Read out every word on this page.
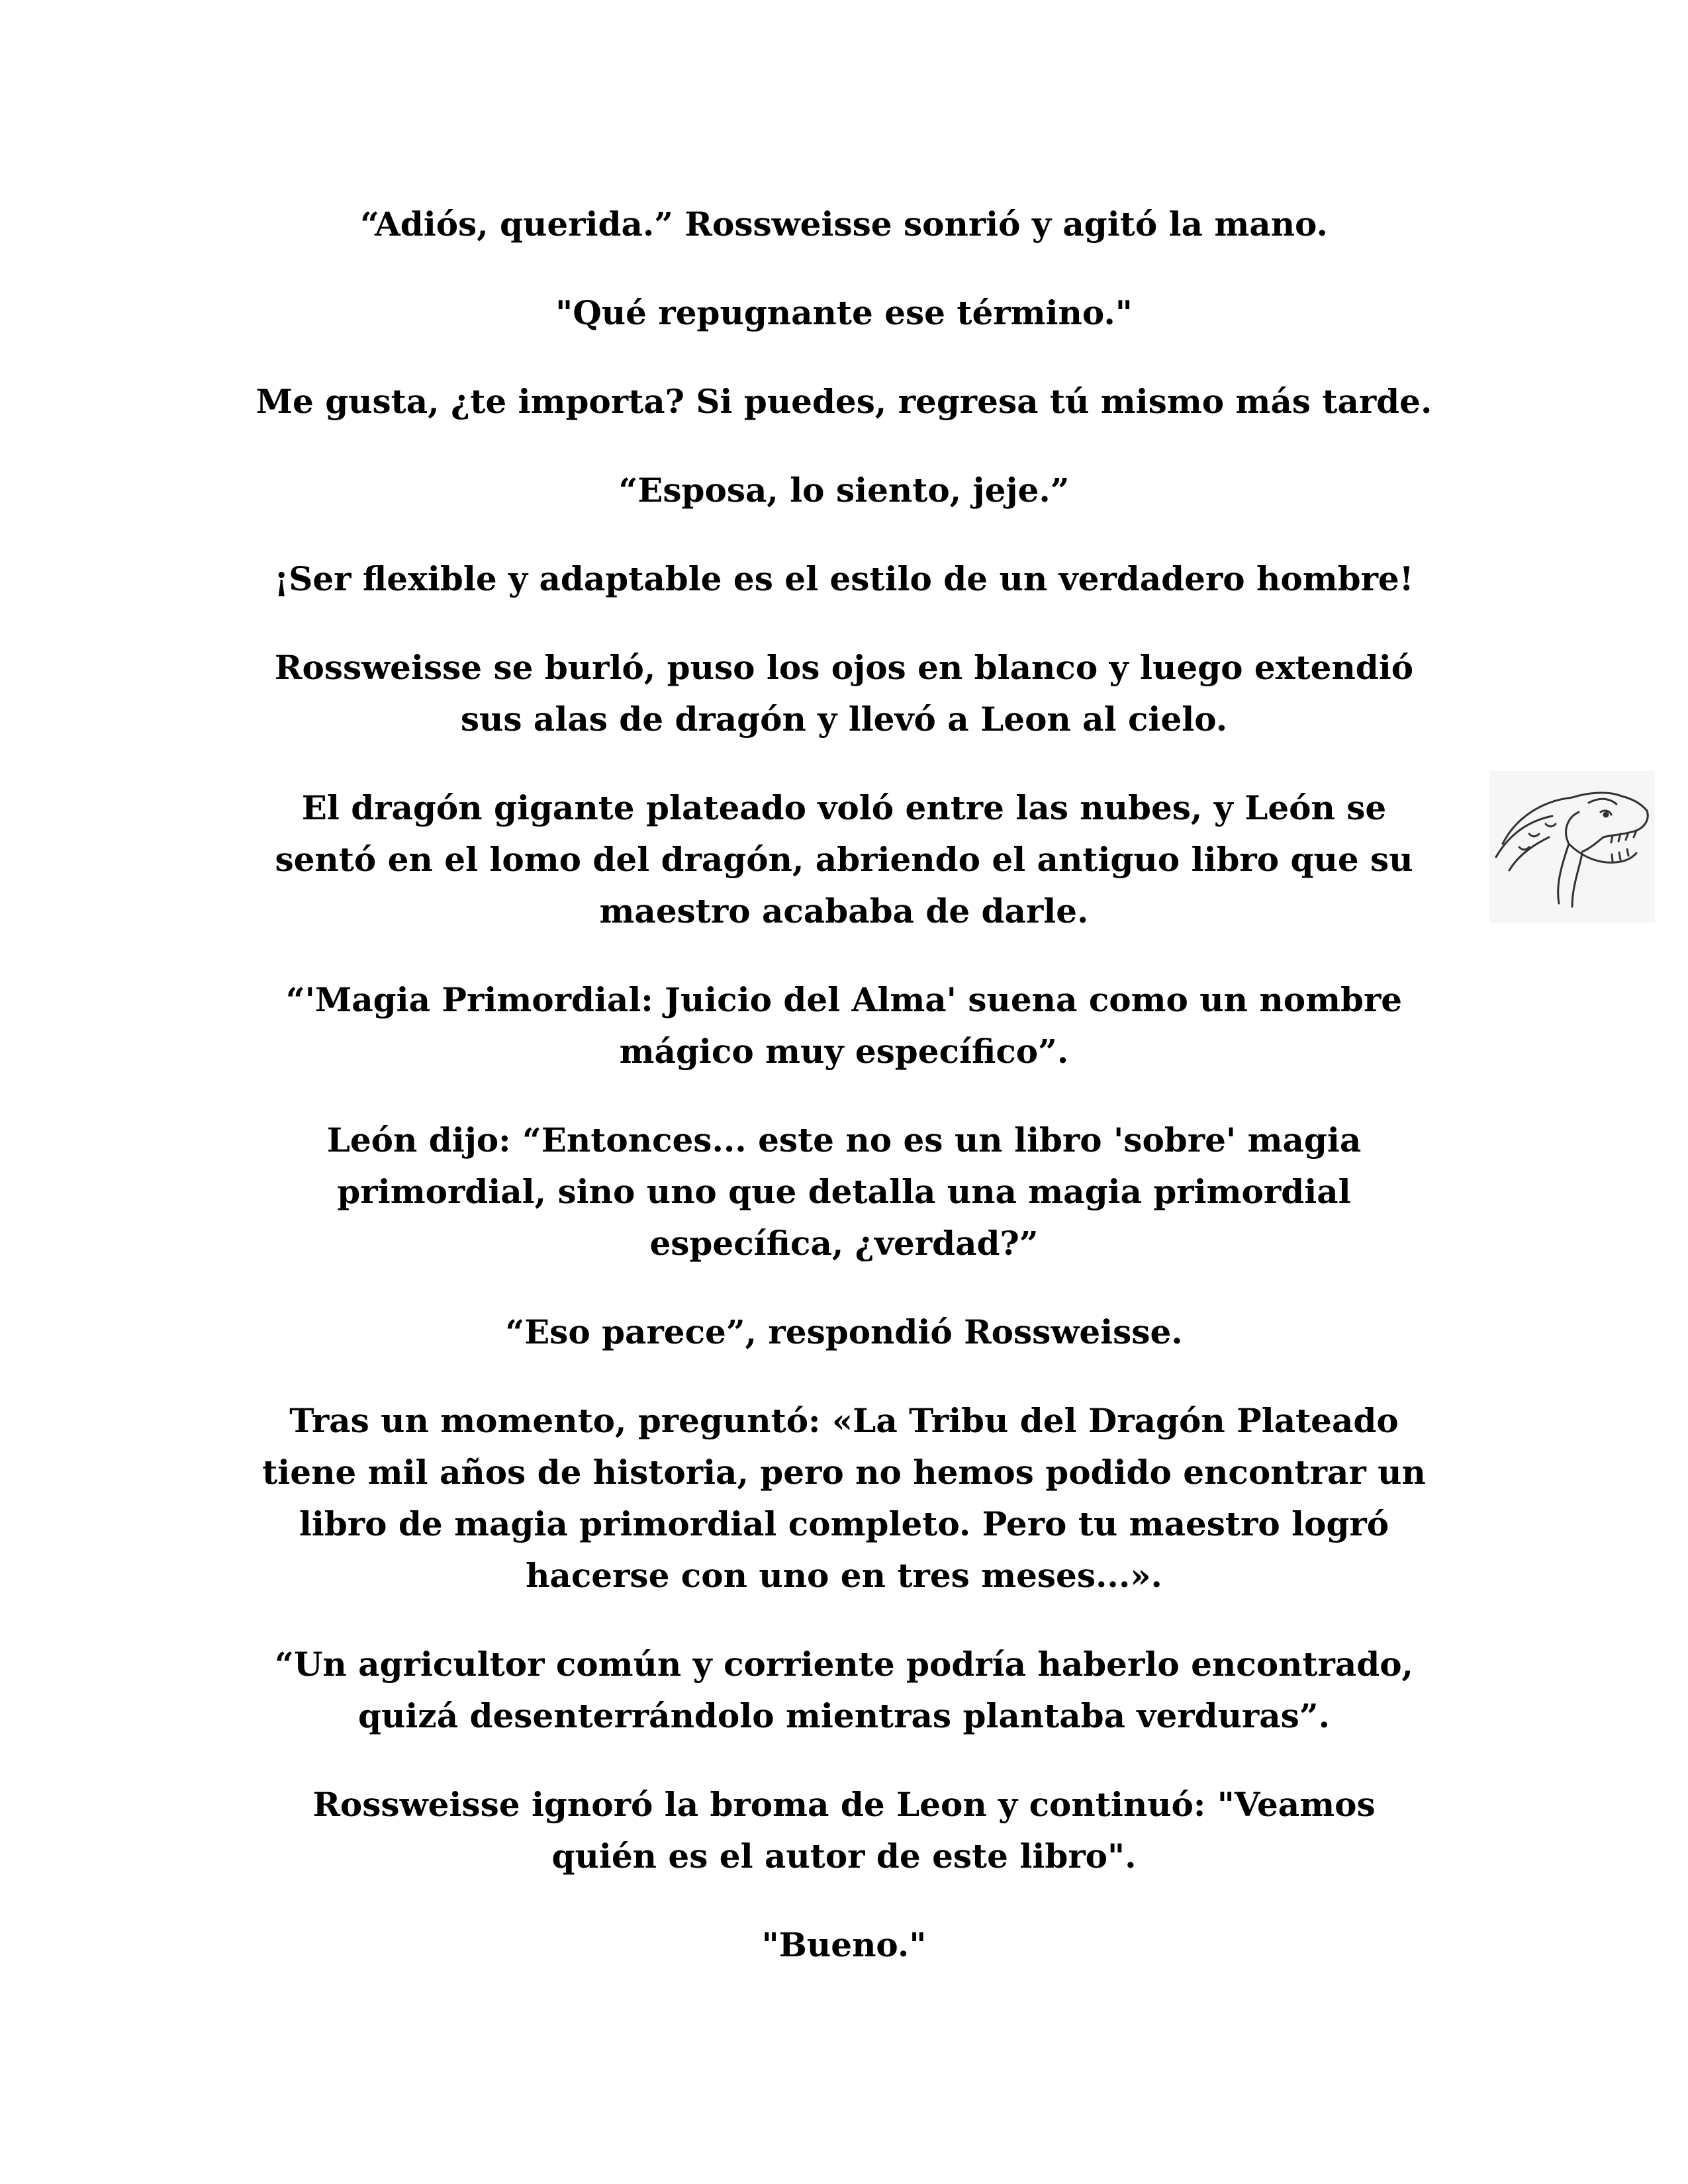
“Adiós, querida.” Rossweisse sonrió y agitó la mano.

"Qué repugnante ese término."

Me gusta, ¿te importa? Si puedes, regresa tú mismo más tarde.

“Esposa, lo siento, jeje.”

¡Ser flexible y adaptable es el estilo de un verdadero hombre!

Rossweisse se burló, puso los ojos en blanco y luego extendió
sus alas de dragón y llevó a Leon al cielo.

El dragón gigante plateado voló entre las nubes, y León se
sentó en el lomo del dragón, abriendo el antiguo libro que su
maestro acababa de darle.

“'Magia Primordial: Juicio del Alma' suena como un nombre
mágico muy específico”.

León dijo: “Entonces... este no es un libro 'sobre' magia
primordial, sino uno que detalla una magia primordial
específica, ¿verdad?”

“Eso parece”, respondió Rossweisse.

Tras un momento, preguntó: «La Tribu del Dragón Plateado
tiene mil años de historia, pero no hemos podido encontrar un
libro de magia primordial completo. Pero tu maestro logró
hacerse con uno en tres meses...».

“Un agricultor común y corriente podría haberlo encontrado,
quizá desenterrándolo mientras plantaba verduras”.

Rossweisse ignoró la broma de Leon y continuó: "Veamos
quién es el autor de este libro".

"Bueno."
